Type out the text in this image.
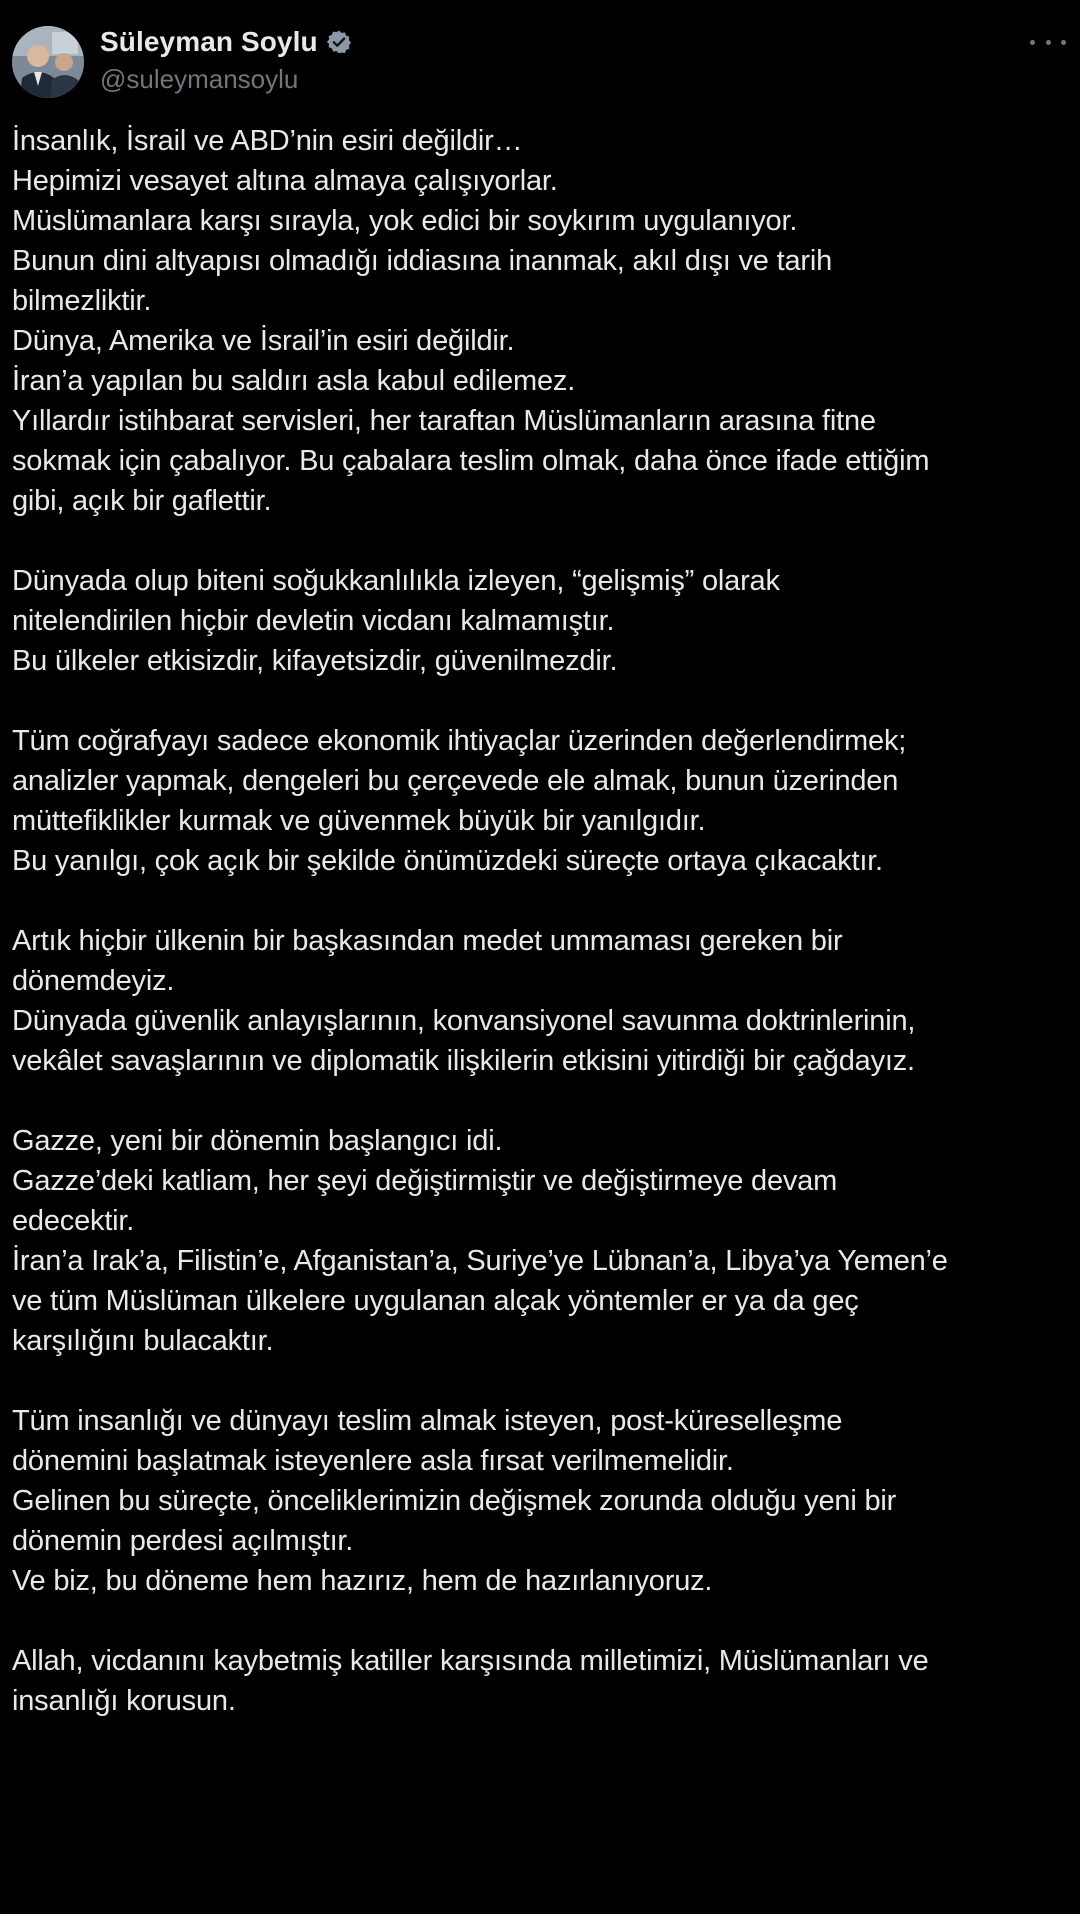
Süleyman Soylu
@suleymansoylu
İnsanlık, İsrail ve ABD’nin esiri değildir…
Hepimizi vesayet altına almaya çalışıyorlar.
Müslümanlara karşı sırayla, yok edici bir soykırım uygulanıyor.
Bunun dini altyapısı olmadığı iddiasına inanmak, akıl dışı ve tarih
bilmezliktir.
Dünya, Amerika ve İsrail’in esiri değildir.
İran’a yapılan bu saldırı asla kabul edilemez.
Yıllardır istihbarat servisleri, her taraftan Müslümanların arasına fitne
sokmak için çabalıyor. Bu çabalara teslim olmak, daha önce ifade ettiğim
gibi, açık bir gaflettir.
Dünyada olup biteni soğukkanlılıkla izleyen, “gelişmiş” olarak
nitelendirilen hiçbir devletin vicdanı kalmamıştır.
Bu ülkeler etkisizdir, kifayetsizdir, güvenilmezdir.
Tüm coğrafyayı sadece ekonomik ihtiyaçlar üzerinden değerlendirmek;
analizler yapmak, dengeleri bu çerçevede ele almak, bunun üzerinden
müttefiklikler kurmak ve güvenmek büyük bir yanılgıdır.
Bu yanılgı, çok açık bir şekilde önümüzdeki süreçte ortaya çıkacaktır.
Artık hiçbir ülkenin bir başkasından medet ummaması gereken bir
dönemdeyiz.
Dünyada güvenlik anlayışlarının, konvansiyonel savunma doktrinlerinin,
vekâlet savaşlarının ve diplomatik ilişkilerin etkisini yitirdiği bir çağdayız.
Gazze, yeni bir dönemin başlangıcı idi.
Gazze’deki katliam, her şeyi değiştirmiştir ve değiştirmeye devam
edecektir.
İran’a Irak’a, Filistin’e, Afganistan’a, Suriye’ye Lübnan’a, Libya’ya Yemen’e
ve tüm Müslüman ülkelere uygulanan alçak yöntemler er ya da geç
karşılığını bulacaktır.
Tüm insanlığı ve dünyayı teslim almak isteyen, post-küreselleşme
dönemini başlatmak isteyenlere asla fırsat verilmemelidir.
Gelinen bu süreçte, önceliklerimizin değişmek zorunda olduğu yeni bir
dönemin perdesi açılmıştır.
Ve biz, bu döneme hem hazırız, hem de hazırlanıyoruz.
Allah, vicdanını kaybetmiş katiller karşısında milletimizi, Müslümanları ve
insanlığı korusun.
